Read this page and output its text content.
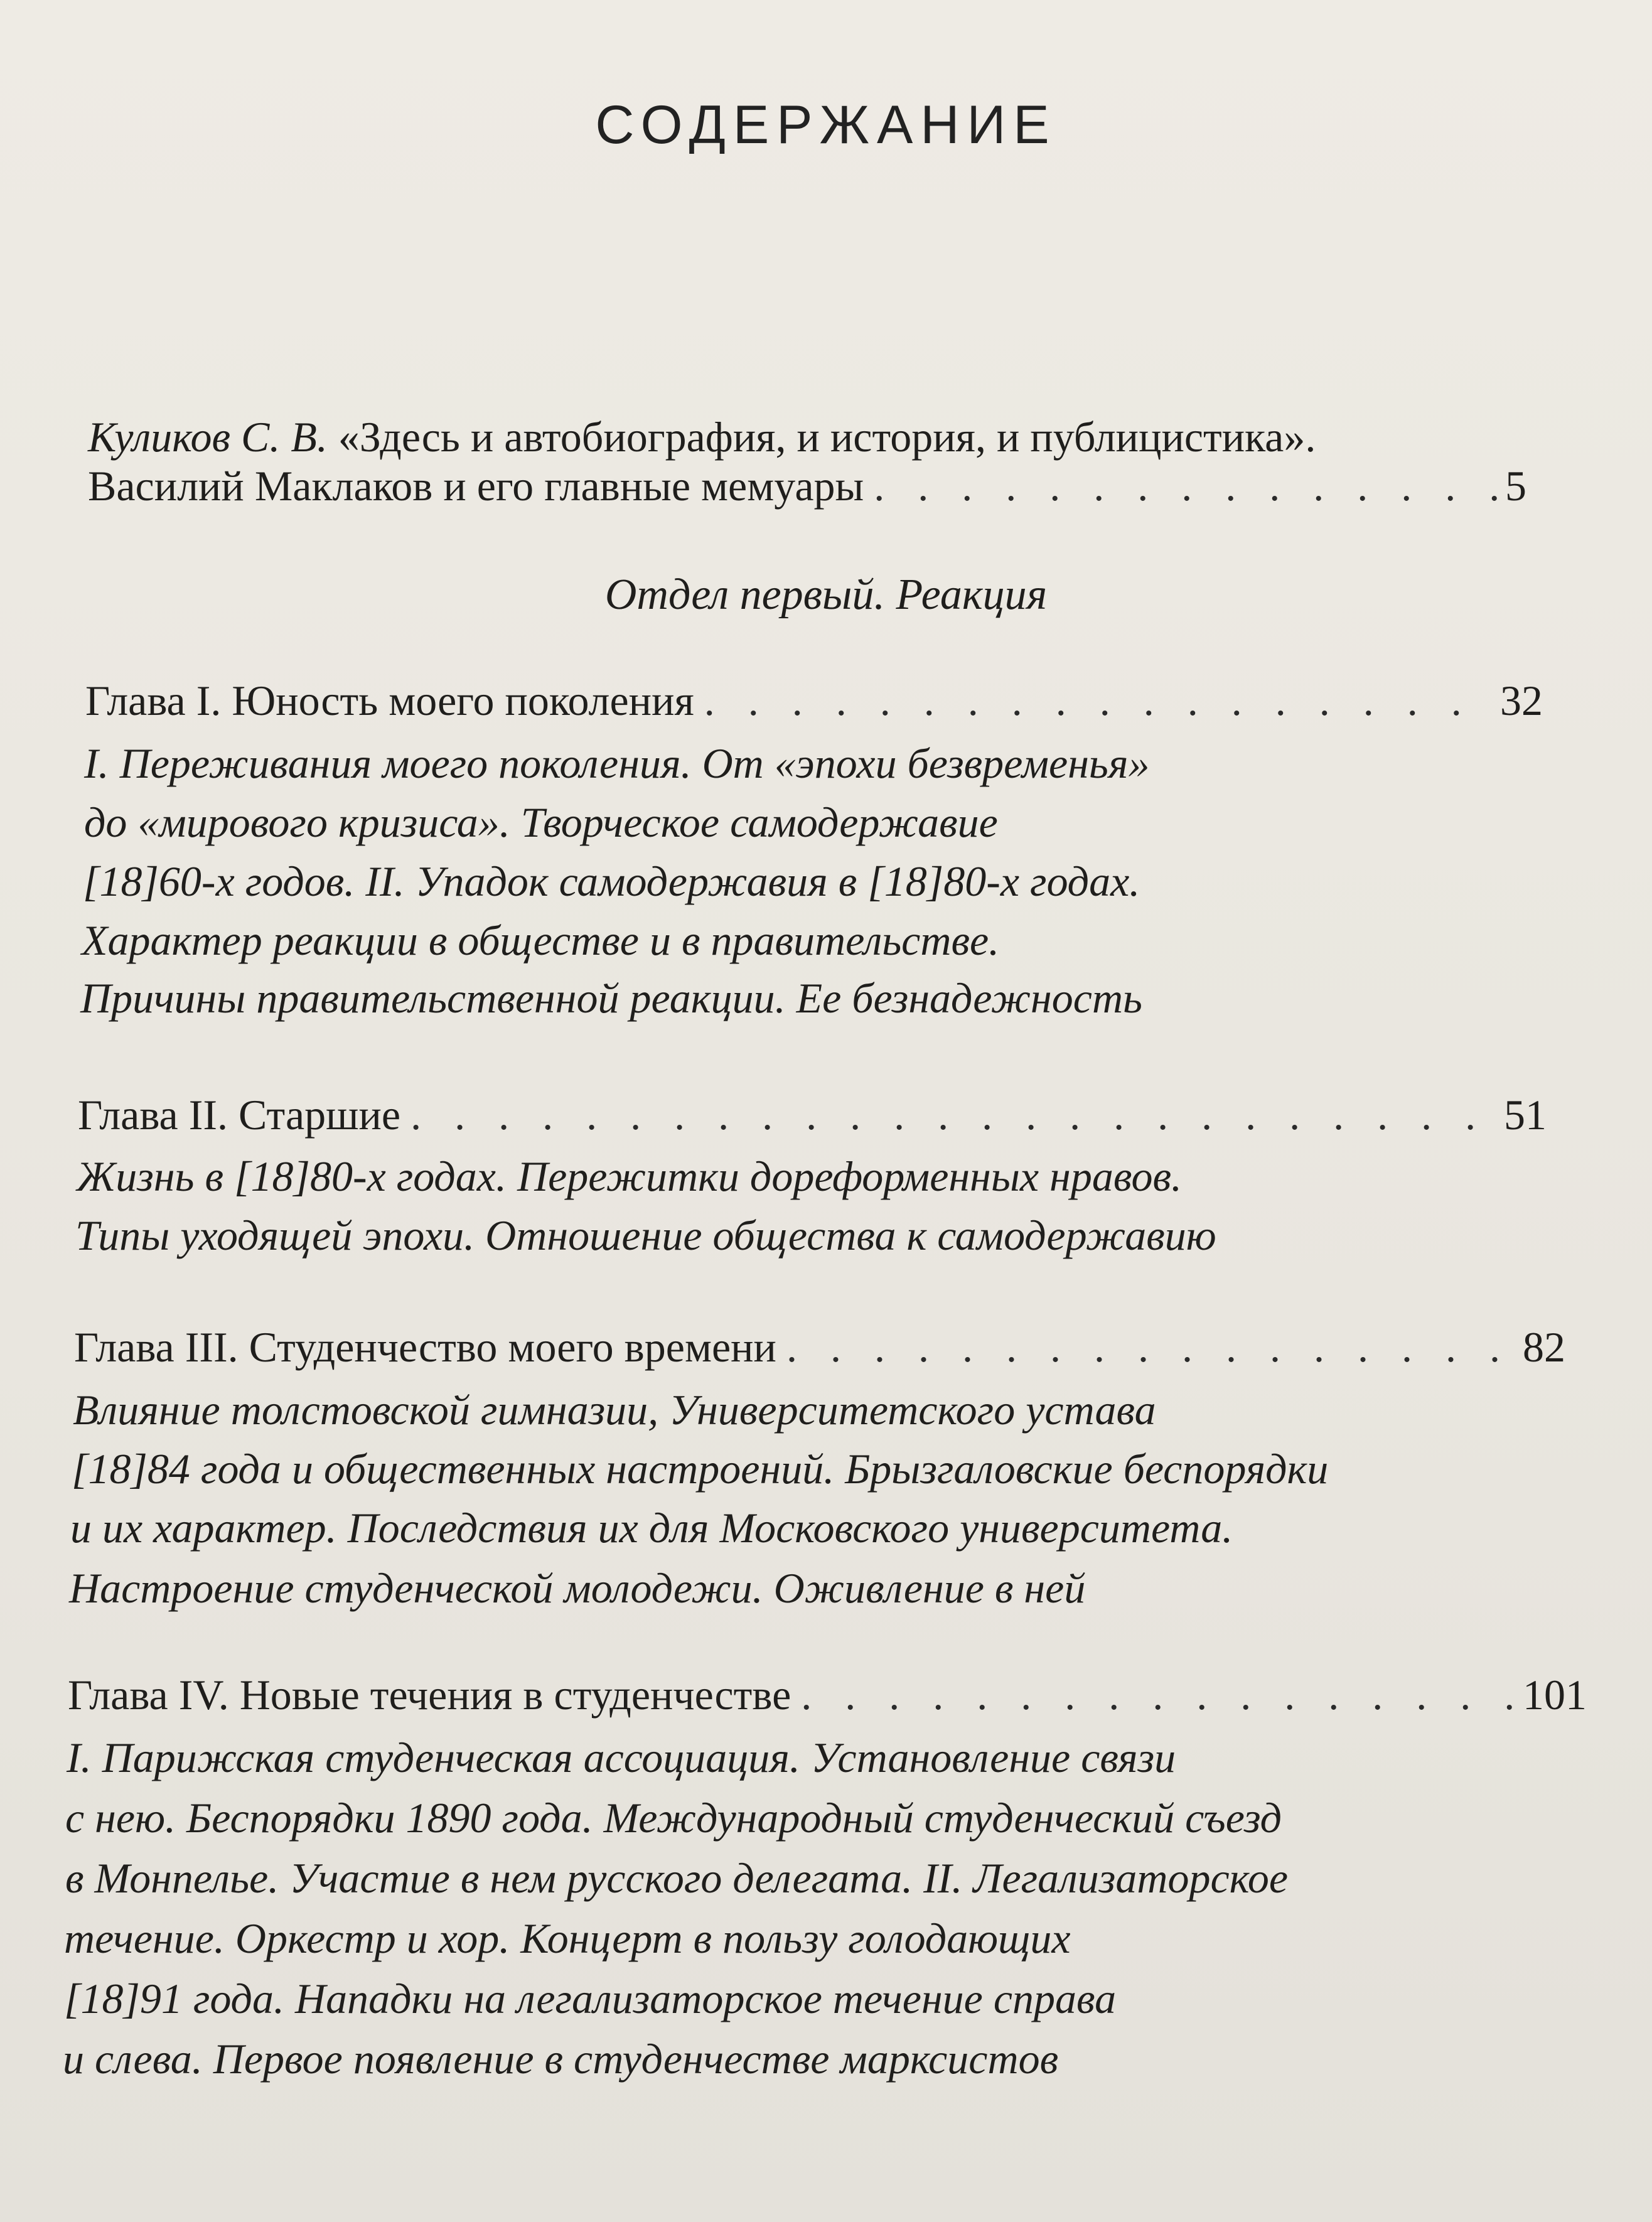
СОДЕРЖАНИЕ
Куликов С. В. «Здесь и автобиография, и история, и публицистика».
Василий Маклаков и его главные мемуары . . .	5
Отдел первый. Реакция
Глава I. Юность моего поколения . . .	32
I. Переживания моего поколения. От «эпохи безвременья»
до «мирового кризиса». Творческое самодержавие
[18]60-х годов. II. Упадок самодержавия в [18]80-х годах.
Характер реакции в обществе и в правительстве.
Причины правительственной реакции. Ее безнадежность
Глава II. Старшие . . .	51
Жизнь в [18]80-х годах. Пережитки дореформенных нравов.
Типы уходящей эпохи. Отношение общества к самодержавию
Глава III. Студенчество моего времени . . .	82
Влияние толстовской гимназии, Университетского устава
[18]84 года и общественных настроений. Брызгаловские беспорядки
и их характер. Последствия их для Московского университета.
Настроение студенческой молодежи. Оживление в ней
Глава IV. Новые течения в студенчестве . . .	101
I. Парижская студенческая ассоциация. Установление связи
с нею. Беспорядки 1890 года. Международный студенческий съезд
в Монпелье. Участие в нем русского делегата. II. Легализаторское
течение. Оркестр и хор. Концерт в пользу голодающих
[18]91 года. Нападки на легализаторское течение справа
и слева. Первое появление в студенчестве марксистов
